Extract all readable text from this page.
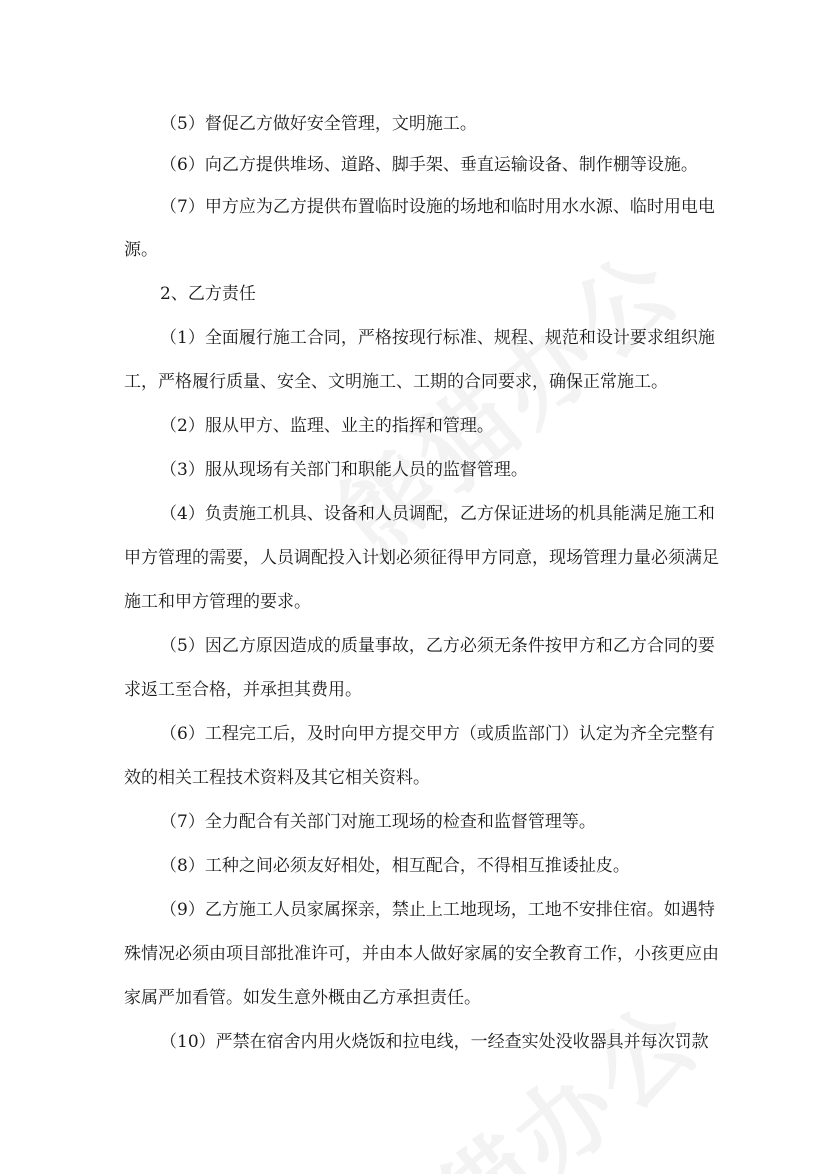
（5）督促乙方做好安全管理，文明施工。
（6）向乙方提供堆场、道路、脚手架、垂直运输设备、制作棚等设施。
（7）甲方应为乙方提供布置临时设施的场地和临时用水水源、临时用电电
源。
2、乙方责任
（1）全面履行施工合同，严格按现行标准、规程、规范和设计要求组织施
工，严格履行质量、安全、文明施工、工期的合同要求，确保正常施工。
（2）服从甲方、监理、业主的指挥和管理。
（3）服从现场有关部门和职能人员的监督管理。
（4）负责施工机具、设备和人员调配，乙方保证进场的机具能满足施工和
甲方管理的需要，人员调配投入计划必须征得甲方同意，现场管理力量必须满足
施工和甲方管理的要求。
（5）因乙方原因造成的质量事故，乙方必须无条件按甲方和乙方合同的要
求返工至合格，并承担其费用。
（6）工程完工后，及时向甲方提交甲方（或质监部门）认定为齐全完整有
效的相关工程技术资料及其它相关资料。
（7）全力配合有关部门对施工现场的检查和监督管理等。
（8）工种之间必须友好相处，相互配合，不得相互推诿扯皮。
（9）乙方施工人员家属探亲，禁止上工地现场，工地不安排住宿。如遇特
殊情况必须由项目部批准许可，并由本人做好家属的安全教育工作，小孩更应由
家属严加看管。如发生意外概由乙方承担责任。
（10）严禁在宿舍内用火烧饭和拉电线，一经查实处没收器具并每次罚款
